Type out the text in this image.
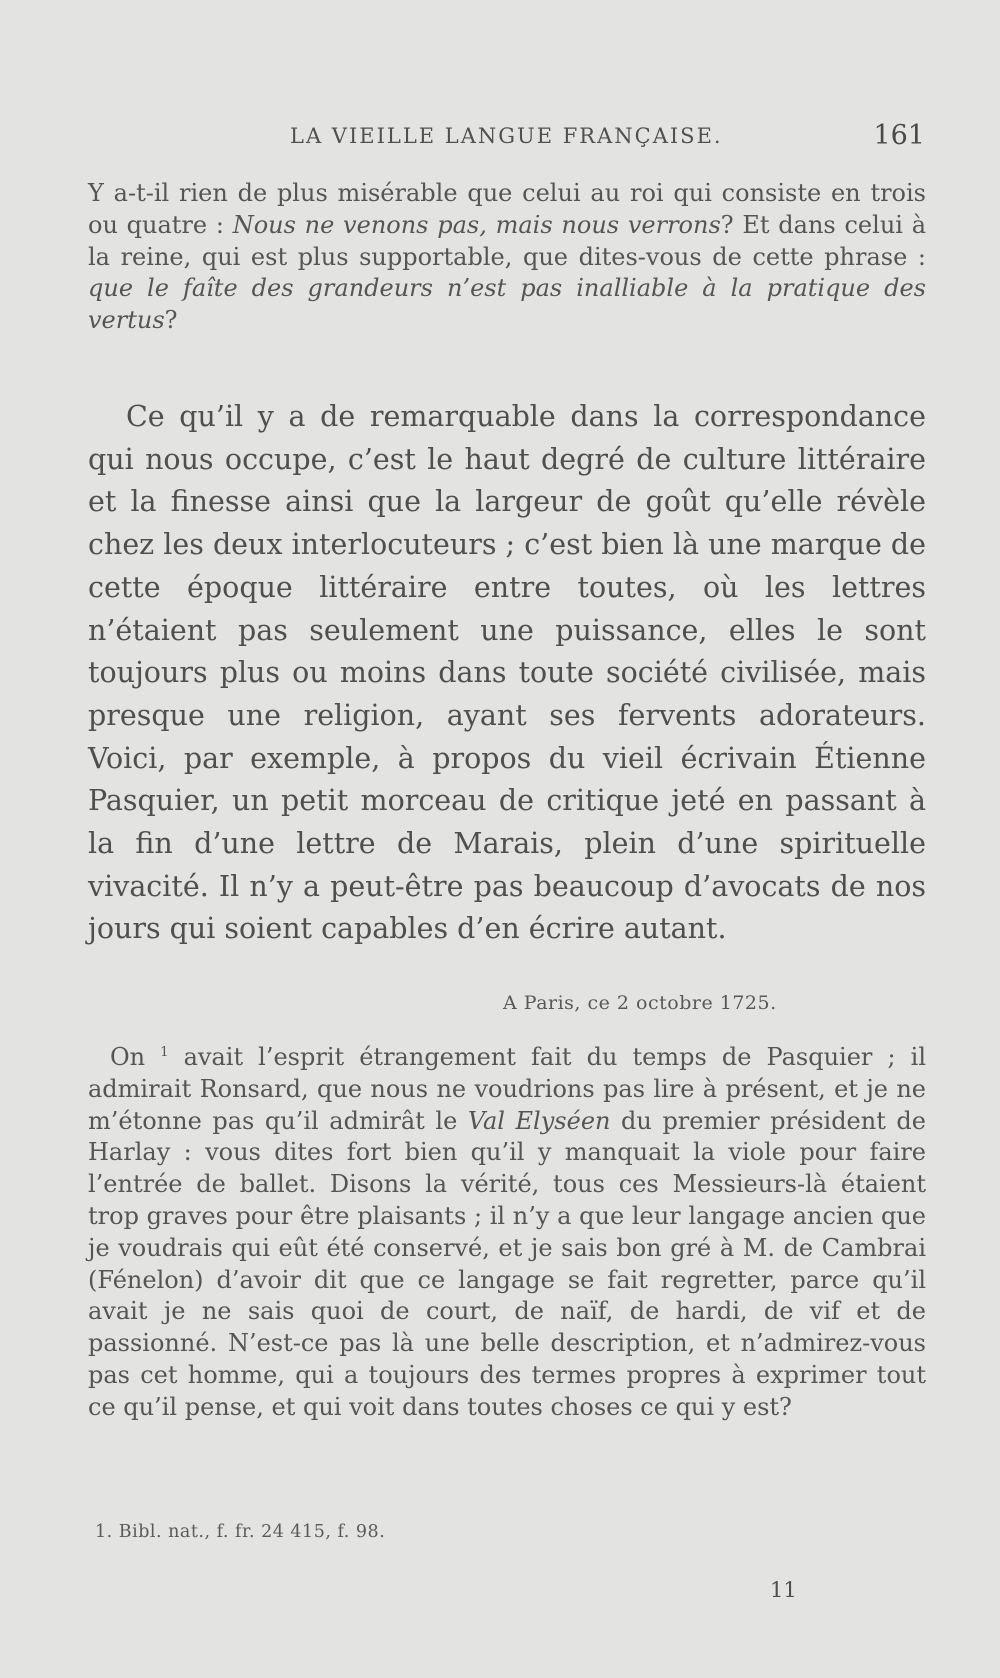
LA VIEILLE LANGUE FRANÇAISE.	161

Y a-t-il rien de plus misérable que celui au roi qui consiste en trois ou quatre : Nous ne venons pas, mais nous verrons? Et dans celui à la reine, qui est plus supportable, que dites-vous de cette phrase : que le faîte des grandeurs n’est pas inalliable à la pratique des vertus?

Ce qu’il y a de remarquable dans la correspondance qui nous occupe, c’est le haut degré de culture littéraire et la finesse ainsi que la largeur de goût qu’elle révèle chez les deux interlocuteurs ; c’est bien là une marque de cette époque littéraire entre toutes, où les lettres n’étaient pas seulement une puissance, elles le sont toujours plus ou moins dans toute société civilisée, mais presque une religion, ayant ses fervents adorateurs. Voici, par exemple, à propos du vieil écrivain Étienne Pasquier, un petit morceau de critique jeté en passant à la fin d’une lettre de Marais, plein d’une spirituelle vivacité. Il n’y a peut-être pas beaucoup d’avocats de nos jours qui soient capables d’en écrire autant.

A Paris, ce 2 octobre 1725.

On $^1$ avait l’esprit étrangement fait du temps de Pasquier ; il admirait Ronsard, que nous ne voudrions pas lire à présent, et je ne m’étonne pas qu’il admirât le Val Elyséen du premier président de Harlay : vous dites fort bien qu’il y manquait la viole pour faire l’entrée de ballet. Disons la vérité, tous ces Messieurs-là étaient trop graves pour être plaisants ; il n’y a que leur langage ancien que je voudrais qui eût été conservé, et je sais bon gré à M. de Cambrai (Fénelon) d’avoir dit que ce langage se fait regretter, parce qu’il avait je ne sais quoi de court, de naïf, de hardi, de vif et de passionné. N’est-ce pas là une belle description, et n’admirez-vous pas cet homme, qui a toujours des termes propres à exprimer tout ce qu’il pense, et qui voit dans toutes choses ce qui y est?

1. Bibl. nat., f. fr. 24 415, f. 98.
11
